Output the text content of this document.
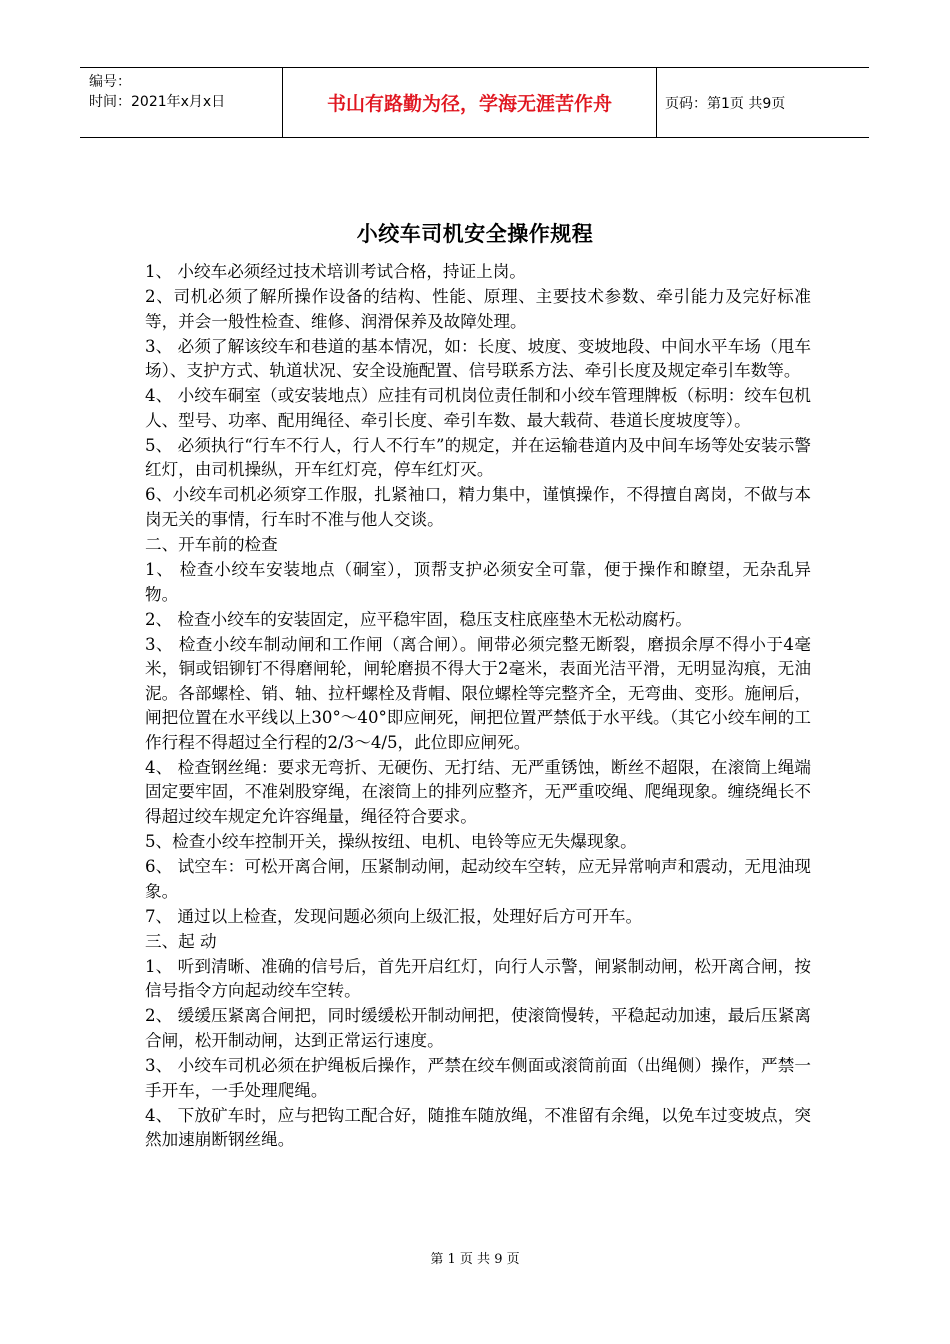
编号：
时间：2021年x月x日	书山有路勤为径，学海无涯苦作舟	页码：第1页 共9页
小绞车司机安全操作规程

1、 小绞车必须经过技术培训考试合格，持证上岗。

2、司机必须了解所操作设备的结构、性能、原理、主要技术参数、牵引能力及完好标准等，并会一般性检查、维修、润滑保养及故障处理。

3、 必须了解该绞车和巷道的基本情况，如：长度、坡度、变坡地段、中间水平车场（甩车场）、支护方式、轨道状况、安全设施配置、信号联系方法、牵引长度及规定牵引车数等。

4、 小绞车硐室（或安装地点）应挂有司机岗位责任制和小绞车管理牌板（标明：绞车包机人、型号、功率、配用绳径、牵引长度、牵引车数、最大载荷、巷道长度坡度等）。

5、 必须执行“行车不行人，行人不行车”的规定，并在运输巷道内及中间车场等处安装示警红灯，由司机操纵，开车红灯亮，停车红灯灭。

6、小绞车司机必须穿工作服，扎紧袖口，精力集中，谨慎操作，不得擅自离岗，不做与本岗无关的事情，行车时不准与他人交谈。

二、开车前的检查

1、 检查小绞车安装地点（硐室），顶帮支护必须安全可靠，便于操作和瞭望，无杂乱异物。

2、 检查小绞车的安装固定，应平稳牢固，稳压支柱底座垫木无松动腐朽。

3、 检查小绞车制动闸和工作闸（离合闸）。闸带必须完整无断裂，磨损余厚不得小于4毫米，铜或铝铆钉不得磨闸轮，闸轮磨损不得大于2毫米，表面光洁平滑，无明显沟痕，无油泥。各部螺栓、销、轴、拉杆螺栓及背帽、限位螺栓等完整齐全，无弯曲、变形。施闸后，闸把位置在水平线以上30°～40°即应闸死，闸把位置严禁低于水平线。（其它小绞车闸的工作行程不得超过全行程的2/3～4/5，此位即应闸死。

4、 检查钢丝绳：要求无弯折、无硬伤、无打结、无严重锈蚀，断丝不超限，在滚筒上绳端固定要牢固，不准剁股穿绳，在滚筒上的排列应整齐，无严重咬绳、爬绳现象。缠绕绳长不得超过绞车规定允许容绳量，绳径符合要求。

5、检查小绞车控制开关，操纵按纽、电机、电铃等应无失爆现象。

6、 试空车：可松开离合闸，压紧制动闸，起动绞车空转，应无异常响声和震动，无甩油现象。

7、 通过以上检查，发现问题必须向上级汇报，处理好后方可开车。

三、起 动

1、 听到清晰、准确的信号后，首先开启红灯，向行人示警，闸紧制动闸，松开离合闸，按信号指令方向起动绞车空转。

2、 缓缓压紧离合闸把，同时缓缓松开制动闸把，使滚筒慢转，平稳起动加速，最后压紧离合闸，松开制动闸，达到正常运行速度。

3、 小绞车司机必须在护绳板后操作，严禁在绞车侧面或滚筒前面（出绳侧）操作，严禁一手开车，一手处理爬绳。

4、 下放矿车时，应与把钩工配合好，随推车随放绳，不准留有余绳，以免车过变坡点，突然加速崩断钢丝绳。

第 1 页 共 9 页
